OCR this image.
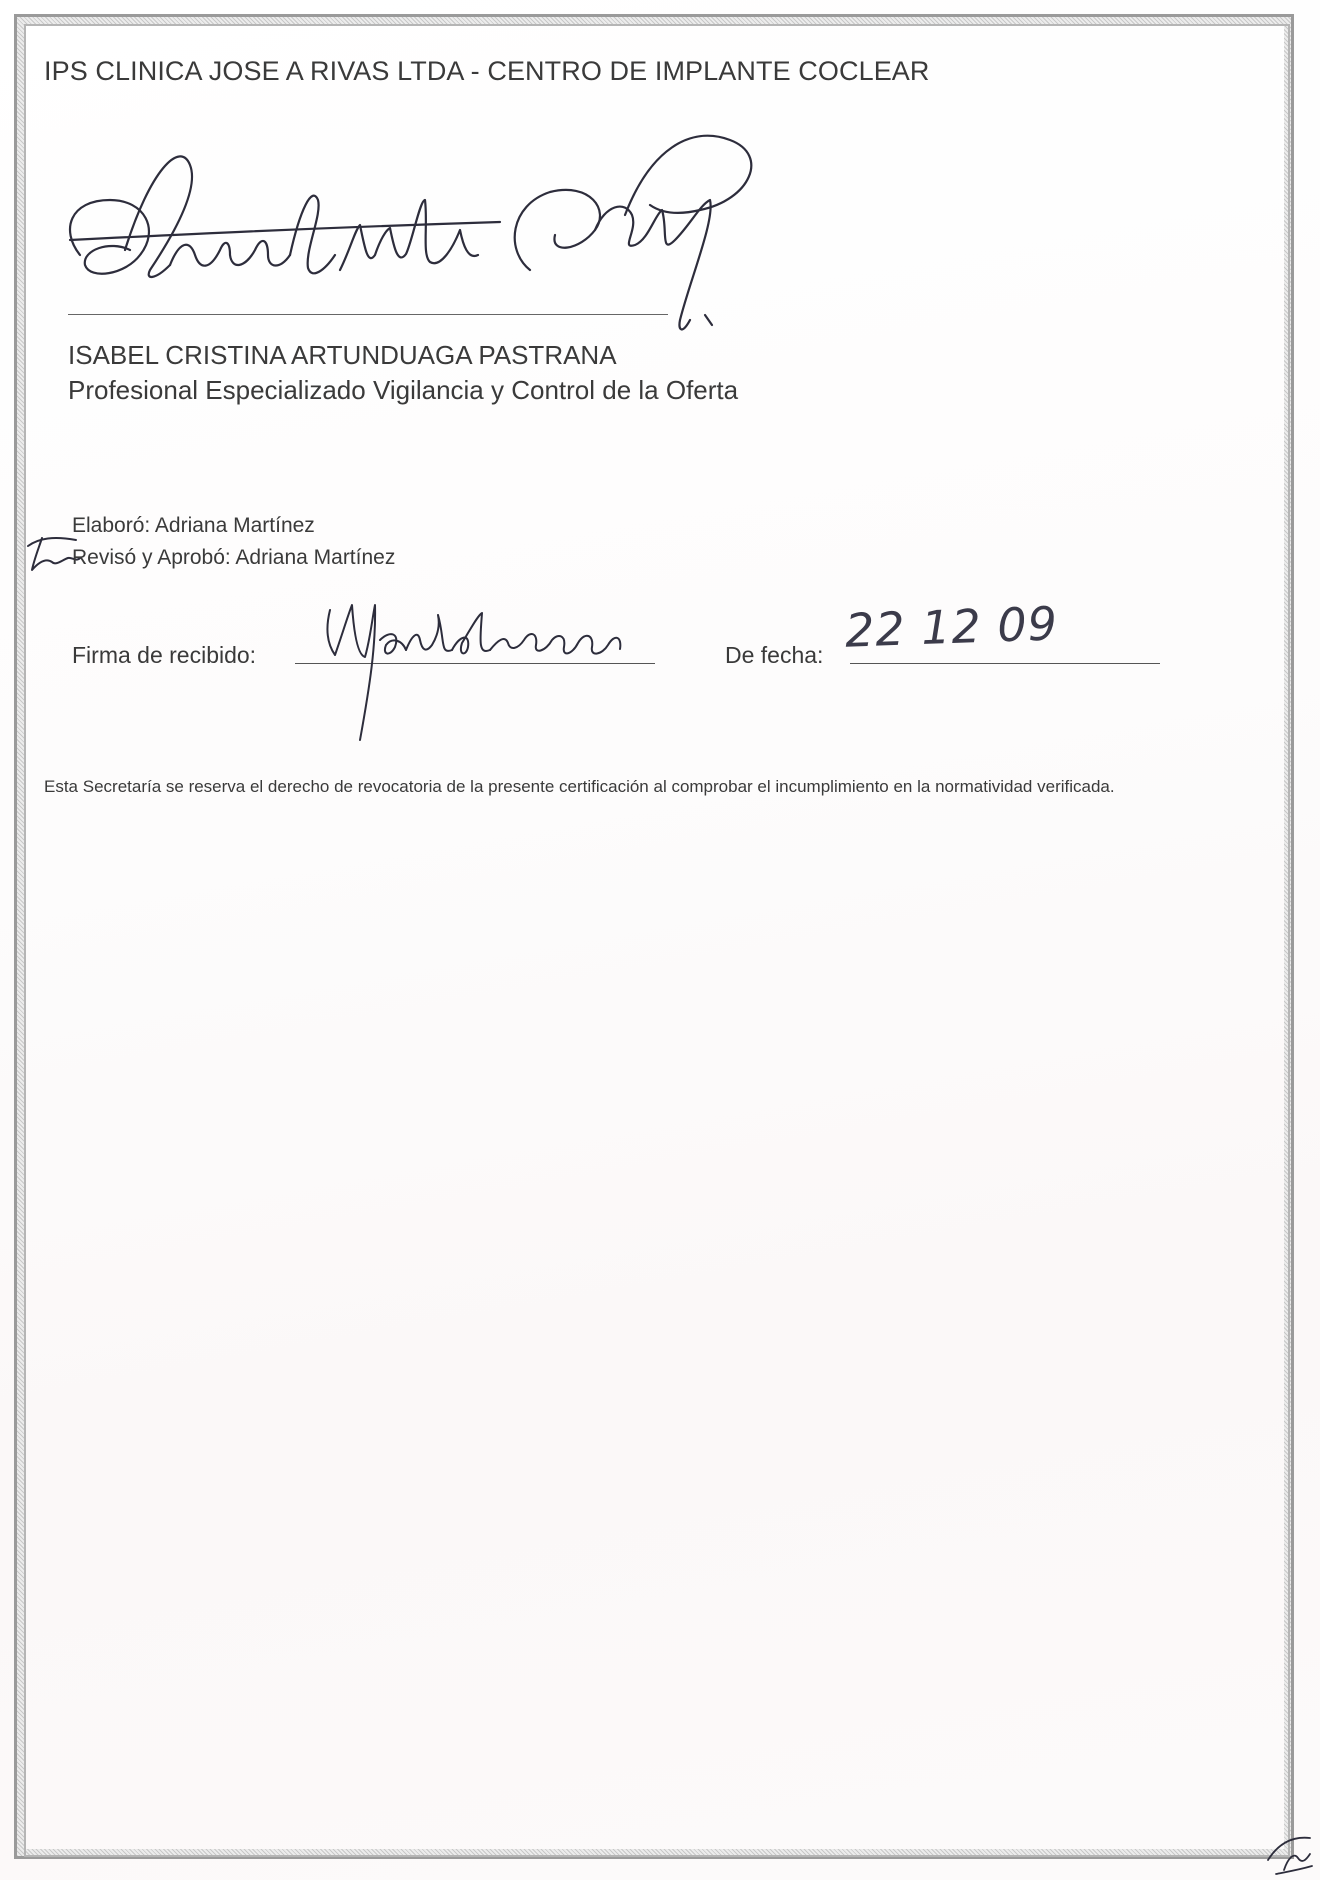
IPS CLINICA JOSE A RIVAS LTDA - CENTRO DE IMPLANTE COCLEAR
ISABEL CRISTINA ARTUNDUAGA PASTRANA
Profesional Especializado Vigilancia y Control de la Oferta
Elaboró: Adriana Martínez
Revisó y Aprobó: Adriana Martínez
Firma de recibido:	De fecha: 22 12 09
Esta Secretaría se reserva el derecho de revocatoria de la presente certificación al comprobar el incumplimiento en la normatividad verificada.
